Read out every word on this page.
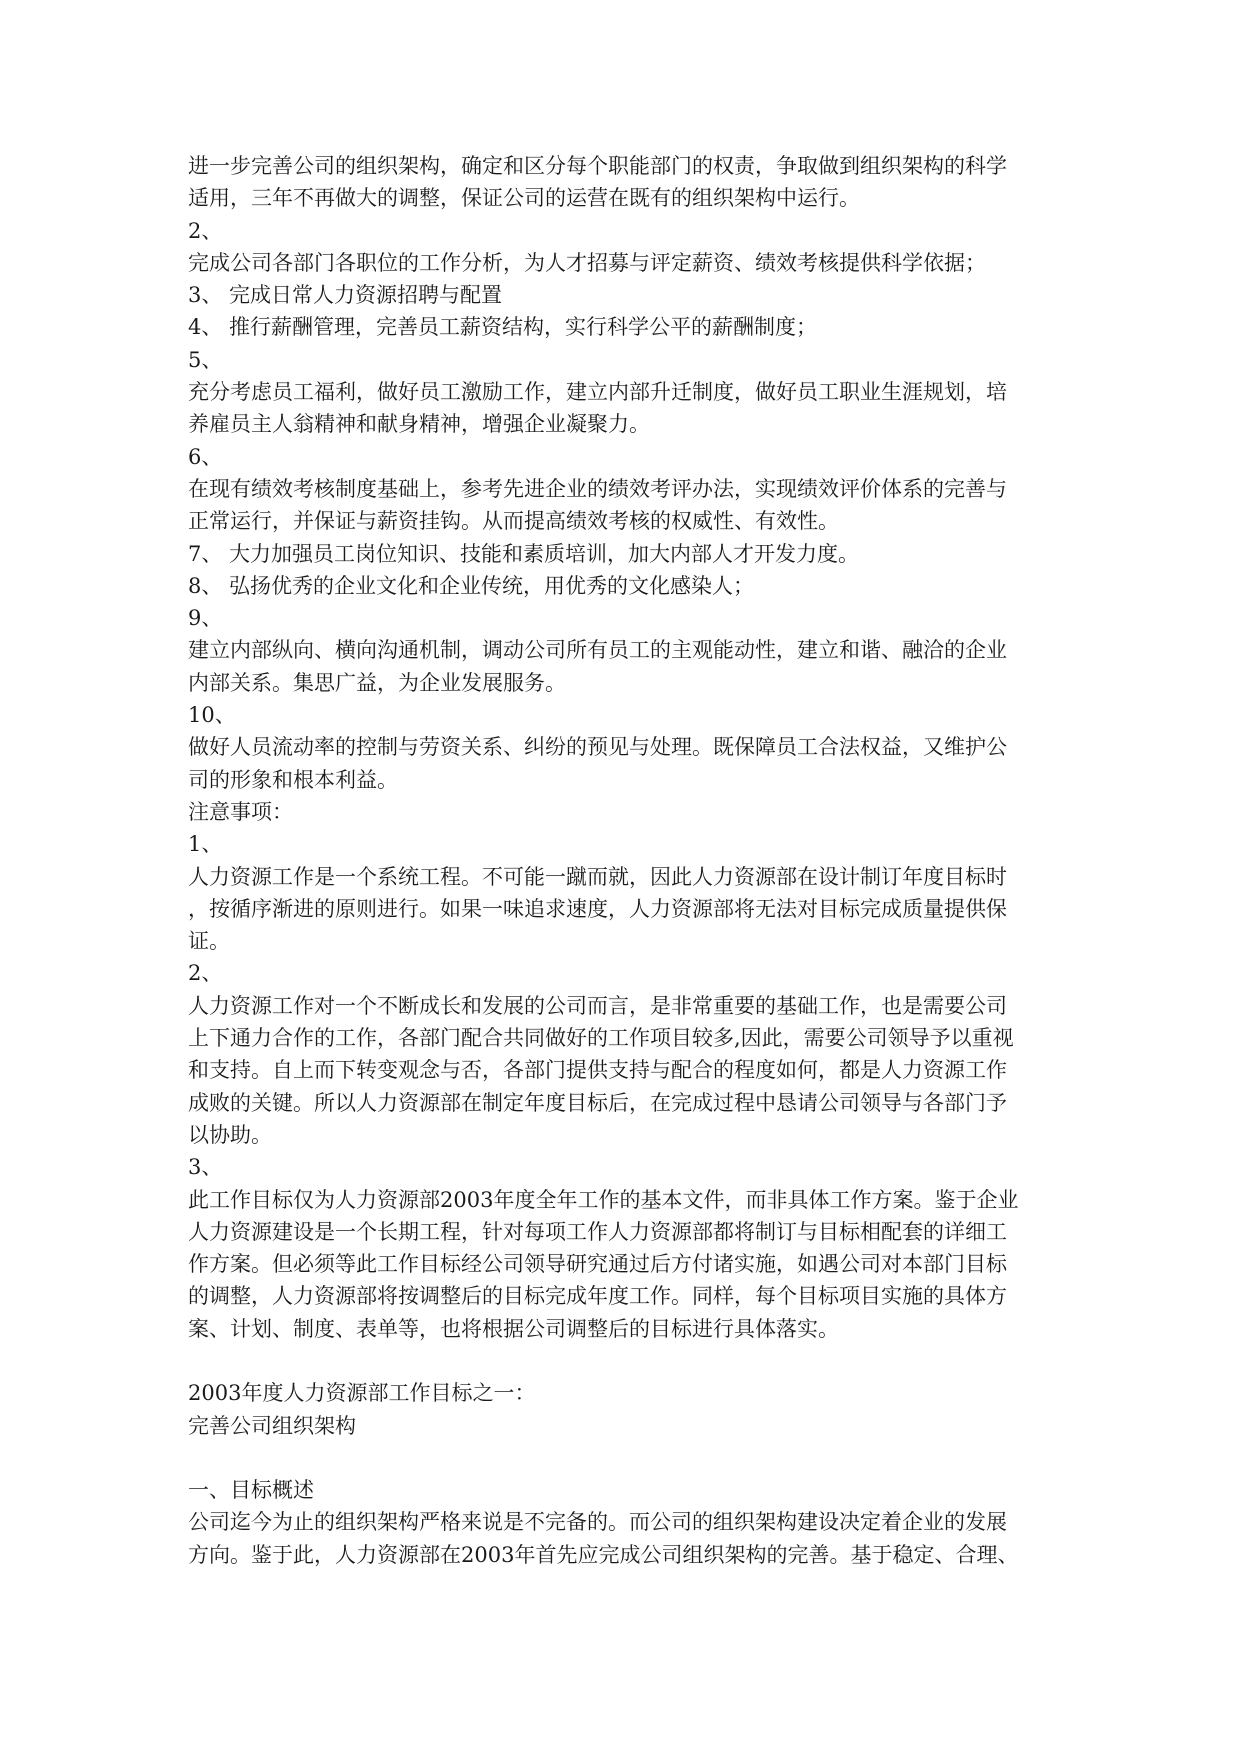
进一步完善公司的组织架构，确定和区分每个职能部门的权责，争取做到组织架构的科学
适用，三年不再做大的调整，保证公司的运营在既有的组织架构中运行。
2、
完成公司各部门各职位的工作分析，为人才招募与评定薪资、绩效考核提供科学依据；
3、 完成日常人力资源招聘与配置
4、 推行薪酬管理，完善员工薪资结构，实行科学公平的薪酬制度；
5、
充分考虑员工福利，做好员工激励工作，建立内部升迁制度，做好员工职业生涯规划，培
养雇员主人翁精神和献身精神，增强企业凝聚力。
6、
在现有绩效考核制度基础上，参考先进企业的绩效考评办法，实现绩效评价体系的完善与
正常运行，并保证与薪资挂钩。从而提高绩效考核的权威性、有效性。
7、 大力加强员工岗位知识、技能和素质培训，加大内部人才开发力度。
8、 弘扬优秀的企业文化和企业传统，用优秀的文化感染人；
9、
建立内部纵向、横向沟通机制，调动公司所有员工的主观能动性，建立和谐、融洽的企业
内部关系。集思广益，为企业发展服务。
10、
做好人员流动率的控制与劳资关系、纠纷的预见与处理。既保障员工合法权益，又维护公
司的形象和根本利益。
注意事项：
1、
人力资源工作是一个系统工程。不可能一蹴而就，因此人力资源部在设计制订年度目标时
，按循序渐进的原则进行。如果一味追求速度，人力资源部将无法对目标完成质量提供保
证。
2、
人力资源工作对一个不断成长和发展的公司而言，是非常重要的基础工作，也是需要公司
上下通力合作的工作，各部门配合共同做好的工作项目较多,因此，需要公司领导予以重视
和支持。自上而下转变观念与否，各部门提供支持与配合的程度如何，都是人力资源工作
成败的关键。所以人力资源部在制定年度目标后，在完成过程中恳请公司领导与各部门予
以协助。
3、
此工作目标仅为人力资源部2003年度全年工作的基本文件，而非具体工作方案。鉴于企业
人力资源建设是一个长期工程，针对每项工作人力资源部都将制订与目标相配套的详细工
作方案。但必须等此工作目标经公司领导研究通过后方付诸实施，如遇公司对本部门目标
的调整，人力资源部将按调整后的目标完成年度工作。同样，每个目标项目实施的具体方
案、计划、制度、表单等，也将根据公司调整后的目标进行具体落实。
2003年度人力资源部工作目标之一：
完善公司组织架构
一、目标概述
公司迄今为止的组织架构严格来说是不完备的。而公司的组织架构建设决定着企业的发展
方向。鉴于此，人力资源部在2003年首先应完成公司组织架构的完善。基于稳定、合理、
